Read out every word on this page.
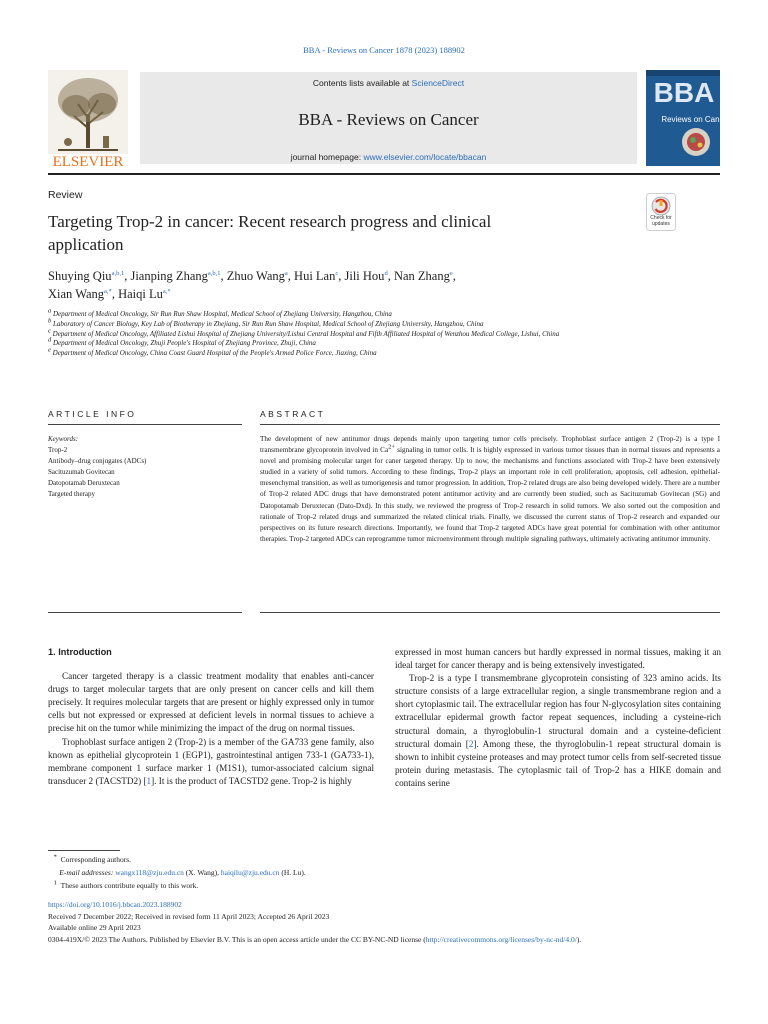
BBA - Reviews on Cancer 1878 (2023) 188902
ELSEVIER
Contents lists available at ScienceDirect
BBA - Reviews on Cancer
journal homepage: www.elsevier.com/locate/bbacan
BBA
Reviews on Cancer
Review
Targeting Trop-2 in cancer: Recent research progress and clinical application
Check for updates
Shuying Qiu$^{a,b,1}$, Jianping Zhang$^{a,b,1}$, Zhuo Wang$^a$, Hui Lan$^c$, Jili Hou$^d$, Nan Zhang$^e$,
Xian Wang$^{a,*}$, Haiqi $Lu^{a,*}$
$^a$ Department of Medical Oncology, Sir Run Run Shaw Hospital, Medical School of Zhejiang University, Hangzhou, China
$^b$ Laboratory of Cancer Biology, Key Lab of Biotherapy in Zhejiang, Sir Run Run Shaw Hospital, Medical School of Zhejiang University, Hangzhou, China
$^c$ Department of Medical Oncology, Affiliated Lishui Hospital of Zhejiang University/Lishui Central Hospital and Fifth Affiliated Hospital of Wenzhou Medical College, Lishui, China
$^d$ Department of Medical Oncology, Zhuji People's Hospital of Zhejiang Province, Zhuji, China
$^e$ Department of Medical Oncology, China Coast Guard Hospital of the People's Armed Police Force, Jiaxing, China
ARTICLE INFO	ABSTRACT
Keywords:
Trop-2
Antibody–drug conjugates (ADCs)
Sacituzumab Govitecan
Datopotamab Deruxtecan
Targeted therapy
The development of new antitumor drugs depends mainly upon targeting tumor cells precisely. Trophoblast surface antigen 2 (Trop-2) is a type I transmembrane glycoprotein involved in $Ca^{2+}$ signaling in tumor cells. It is highly expressed in various tumor tissues than in normal tissues and represents a novel and promising molecular target for caner targeted therapy. Up to now, the mechanisms and functions associated with Trop-2 have been extensively studied in a variety of solid tumors. According to these findings, Trop-2 plays an important role in cell proliferation, apoptosis, cell adhesion, epithelial-mesenchymal transition, as well as tumorigenesis and tumor progression. In addition, Trop-2 related drugs are also being developed widely. There are a number of Trop-2 related ADC drugs that have demonstrated potent antitumor activity and are currently been studied, such as Sacituzumab Govitecan (SG) and Datopotamab Deruxtecan (Dato-Dxd). In this study, we reviewed the progress of Trop-2 research in solid tumors. We also sorted out the composition and rationale of Trop-2 related drugs and summarized the related clinical trials. Finally, we discussed the current status of Trop-2 research and expanded our perspectives on its future research directions. Importantly, we found that Trop-2 targeted ADCs have great potential for combination with other antitumor therapies. Trop-2 targeted ADCs can reprogramme tumor microenvironment through multiple signaling pathways, ultimately activating antitumor immunity.
1. Introduction

Cancer targeted therapy is a classic treatment modality that enables anti-cancer drugs to target molecular targets that are only present on cancer cells and kill them precisely. It requires molecular targets that are present or highly expressed only in tumor cells but not expressed or expressed at deficient levels in normal tissues to achieve a precise hit on the tumor while minimizing the impact of the drug on normal tissues.

Trophoblast surface antigen 2 (Trop-2) is a member of the GA733 gene family, also known as epithelial glycoprotein 1 (EGP1), gastrointestinal antigen 733-1 (GA733-1), membrane component 1 surface marker 1 (M1S1), tumor-associated calcium signal transducer 2 (TACSTD2) [1]. It is the product of TACSTD2 gene. Trop-2 is highly

expressed in most human cancers but hardly expressed in normal tissues, making it an ideal target for cancer therapy and is being extensively investigated.

Trop-2 is a type I transmembrane glycoprotein consisting of 323 amino acids. Its structure consists of a large extracellular region, a single transmembrane region and a short cytoplasmic tail. The extracellular region has four N-glycosylation sites containing extracellular epidermal growth factor repeat sequences, including a cysteine-rich structural domain, a thyroglobulin-1 structural domain and a cysteine-deficient structural domain [2]. Among these, the thyroglobulin-1 repeat structural domain is shown to inhibit cysteine proteases and may protect tumor cells from self-secreted tissue protein during metastasis. The cytoplasmic tail of Trop-2 has a HIKE domain and contains serine

* Corresponding authors.
E-mail addresses: wangx118@zju.edu.cn (X. Wang), haiqilu@zju.edu.cn (H. Lu).
$^1$ These authors contribute equally to this work.
https://doi.org/10.1016/j.bbcan.2023.188902
Received 7 December 2022; Received in revised form 11 April 2023; Accepted 26 April 2023
Available online 29 April 2023
0304-419X/© 2023 The Authors. Published by Elsevier B.V. This is an open access article under the CC BY-NC-ND license (http://creativecommons.org/licenses/by-nc-nd/4.0/).
